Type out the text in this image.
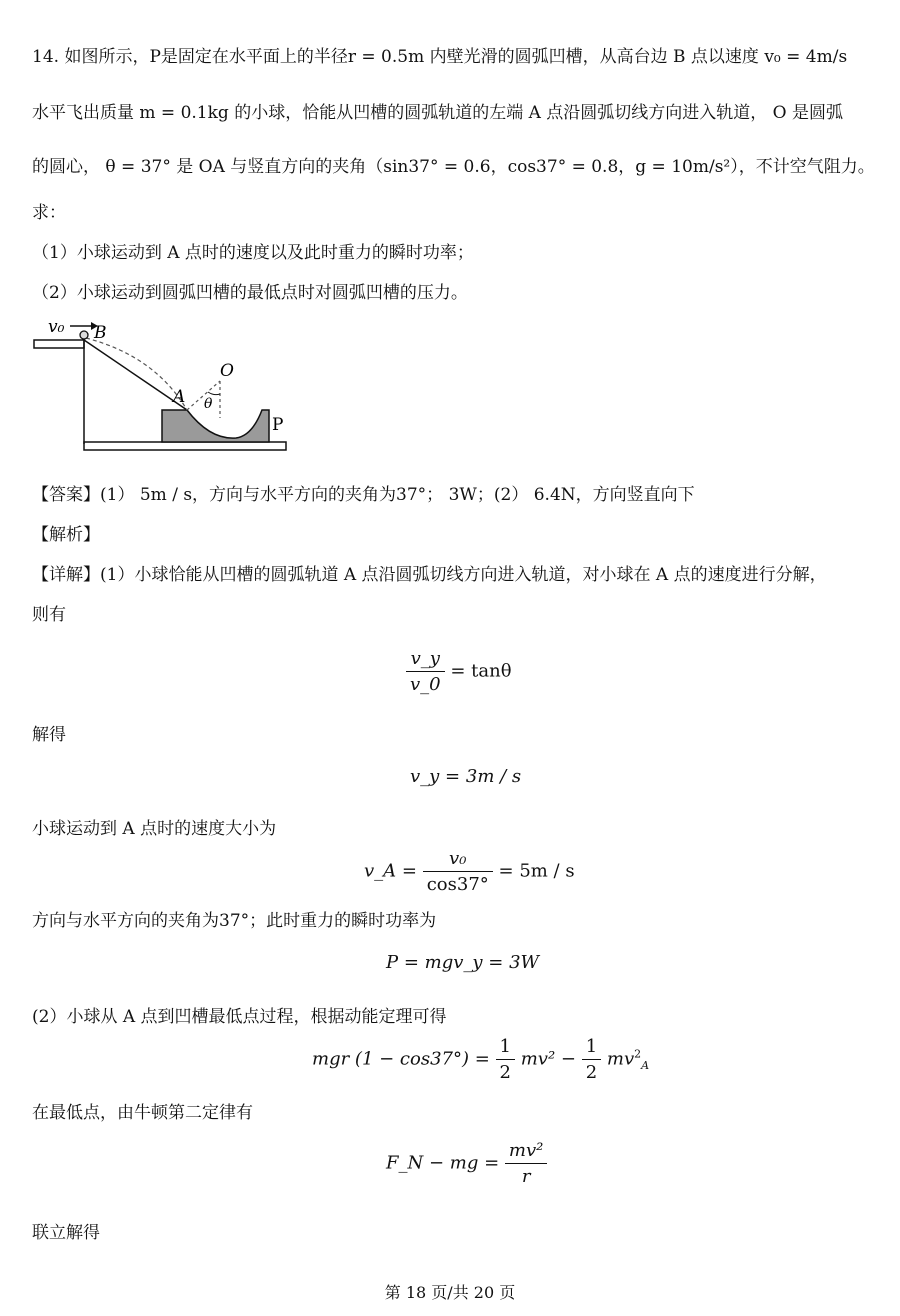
14. 如图所示，P是固定在水平面上的半径r = 0.5m 内壁光滑的圆弧凹槽，从高台边 B 点以速度 v₀ = 4m/s
水平飞出质量 m = 0.1kg 的小球，恰能从凹槽的圆弧轨道的左端 A 点沿圆弧切线方向进入轨道， O 是圆弧
的圆心， θ = 37° 是 OA 与竖直方向的夹角（sin37° = 0.6，cos37° = 0.8，g = 10m/s²），不计空气阻力。
求：
（1）小球运动到 A 点时的速度以及此时重力的瞬时功率；
（2）小球运动到圆弧凹槽的最低点时对圆弧凹槽的压力。
v₀ B
O
A θ
P
【答案】(1） 5m / s，方向与水平方向的夹角为37°； 3W；(2） 6.4N，方向竖直向下
【解析】
【详解】(1）小球恰能从凹槽的圆弧轨道 A 点沿圆弧切线方向进入轨道，对小球在 A 点的速度进行分解，
则有
$\frac{v\_y}{v\_0} = \tan\theta$
解得
v_y = 3m / s
小球运动到 A 点时的速度大小为
v_A = $\frac{\text{v₀}}{\cos 37^\circ} = 5m / s$
方向与水平方向的夹角为37°；此时重力的瞬时功率为
P = mgv_y = 3W
(2）小球从 A 点到凹槽最低点过程，根据动能定理可得
mgr $(1 - \cos 37^\circ) = \frac{1}{2} mv^2 - \frac{1}{2} mv^2_A$
在最低点，由牛顿第二定律有
F_N − mg = $\frac{\text{mv²}}{r}$
联立解得
第 18 页/共 20 页
